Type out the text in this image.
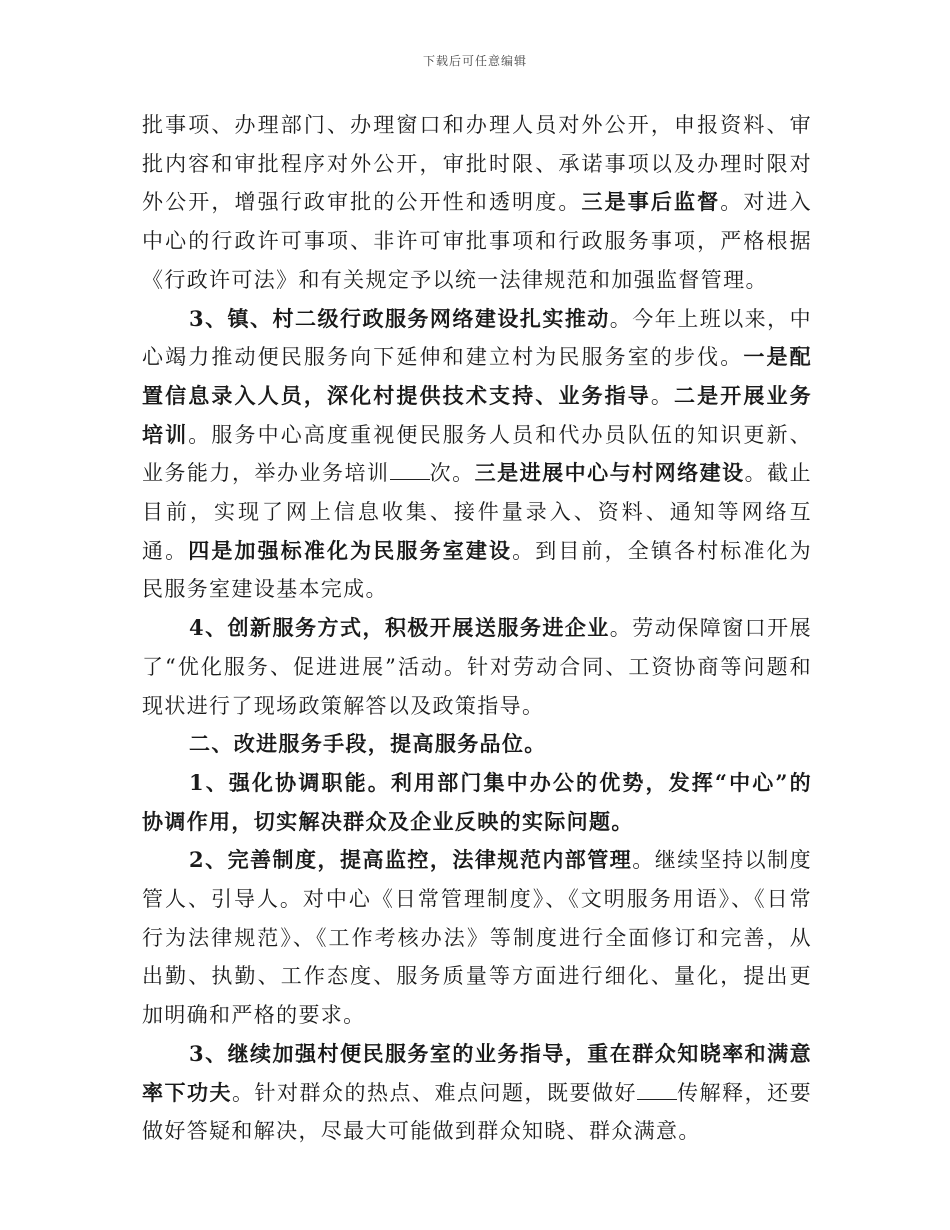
下载后可任意编辑

批事项、办理部门、办理窗口和办理人员对外公开，申报资料、审批内容和审批程序对外公开，审批时限、承诺事项以及办理时限对外公开，增强行政审批的公开性和透明度。三是事后监督。对进入中心的行政许可事项、非许可审批事项和行政服务事项，严格根据《行政许可法》和有关规定予以统一法律规范和加强监督管理。

3、镇、村二级行政服务网络建设扎实推动。今年上班以来，中心竭力推动便民服务向下延伸和建立村为民服务室的步伐。一是配置信息录入人员，深化村提供技术支持、业务指导。二是开展业务培训。服务中心高度重视便民服务人员和代办员队伍的知识更新、业务能力，举办业务培训 次。三是进展中心与村网络建设。截止目前，实现了网上信息收集、接件量录入、资料、通知等网络互通。四是加强标准化为民服务室建设。到目前，全镇各村标准化为民服务室建设基本完成。

4、创新服务方式，积极开展送服务进企业。劳动保障窗口开展了“优化服务、促进进展”活动。针对劳动合同、工资协商等问题和现状进行了现场政策解答以及政策指导。

二、改进服务手段，提高服务品位。

1、强化协调职能。利用部门集中办公的优势，发挥“中心”的协调作用，切实解决群众及企业反映的实际问题。

2、完善制度，提高监控，法律规范内部管理。继续坚持以制度管人、引导人。对中心《日常管理制度》、《文明服务用语》、《日常行为法律规范》、《工作考核办法》等制度进行全面修订和完善，从出勤、执勤、工作态度、服务质量等方面进行细化、量化，提出更加明确和严格的要求。

3、继续加强村便民服务室的业务指导，重在群众知晓率和满意率下功夫。针对群众的热点、难点问题，既要做好 传解释，还要做好答疑和解决，尽最大可能做到群众知晓、群众满意。
